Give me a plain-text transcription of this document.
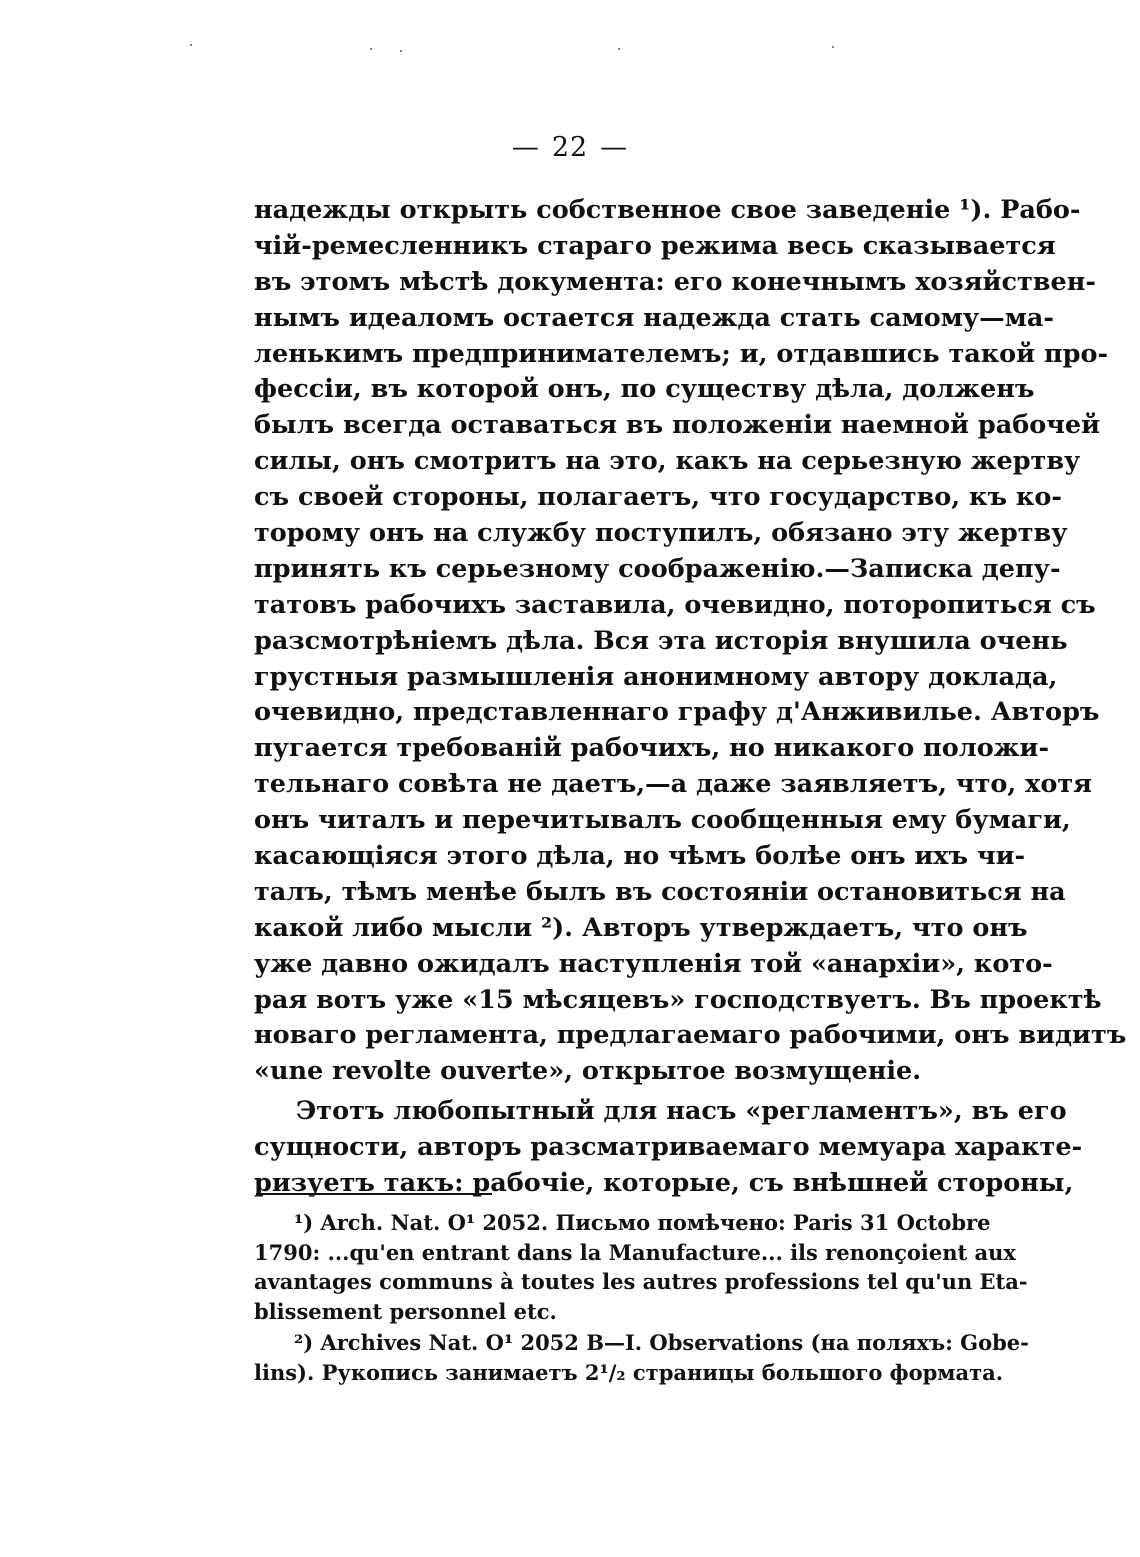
— 22 —
надежды открыть собственное свое заведеніе ¹). Рабо-
чій-ремесленникъ стараго режима весь сказывается
въ этомъ мѣстѣ документа: его конечнымъ хозяйствен-
нымъ идеаломъ остается надежда стать самому—ма-
ленькимъ предпринимателемъ; и, отдавшись такой про-
фессіи, въ которой онъ, по существу дѣла, долженъ
былъ всегда оставаться въ положеніи наемной рабочей
силы, онъ смотритъ на это, какъ на серьезную жертву
съ своей стороны, полагаетъ, что государство, къ ко-
торому онъ на службу поступилъ, обязано эту жертву
принять къ серьезному соображенію.—Записка депу-
татовъ рабочихъ заставила, очевидно, поторопиться съ
разсмотрѣніемъ дѣла. Вся эта исторія внушила очень
грустныя размышленія анонимному автору доклада,
очевидно, представленнаго графу д'Анживилье. Авторъ
пугается требованій рабочихъ, но никакого положи-
тельнаго совѣта не даетъ,—а даже заявляетъ, что, хотя
онъ читалъ и перечитывалъ сообщенныя ему бумаги,
касающіяся этого дѣла, но чѣмъ болѣе онъ ихъ чи-
талъ, тѣмъ менѣе былъ въ состояніи остановиться на
какой либо мысли ²). Авторъ утверждаетъ, что онъ
уже давно ожидалъ наступленія той «анархіи», кото-
рая вотъ уже «15 мѣсяцевъ» господствуетъ. Въ проектѣ
новаго регламента, предлагаемаго рабочими, онъ видитъ
«une revolte ouverte», открытое возмущеніе.
Этотъ любопытный для насъ «регламентъ», въ его
сущности, авторъ разсматриваемаго мемуара характе-
ризуетъ такъ: рабочіе, которые, съ внѣшней стороны,
¹) Arch. Nat. O¹ 2052. Письмо помѣчено: Paris 31 Octobre
1790: ...qu'en entrant dans la Manufacture... ils renonçoient aux
avantages communs à toutes les autres professions tel qu'un Eta-
blissement personnel etc.
²) Archives Nat. O¹ 2052 B—I. Observations (на поляхъ: Gobe-
lins). Рукопись занимаетъ 2¹/₂ страницы большого формата.
